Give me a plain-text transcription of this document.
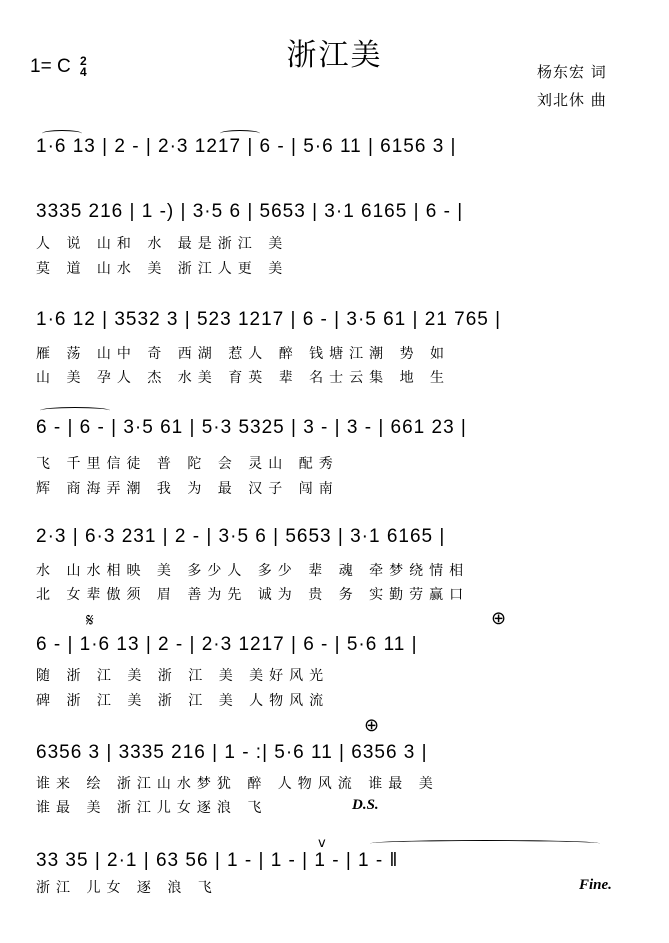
浙江美
1= C 2
4	杨东宏 词
刘北休 曲
1·6 13 | 2 - | 2·3 1217 | 6 - | 5·6 11 | 6156 3 |
3335 216 | 1 -) | 3·5 6 | 5653 | 3·1 6165 | 6 - |
人 说 山和 水 最是浙江 美
莫 道 山水 美 浙江人更 美
1·6 12 | 3532 3 | 523 1217 | 6 - | 3·5 61 | 21 765 |
雁 荡 山中 奇 西湖 惹人 醉 钱塘江潮 势 如
山 美 孕人 杰 水美 育英 辈 名士云集 地 生
6 - | 6 - | 3·5 61 | 5·3 5325 | 3 - | 3 - | 661 23 |
飞 千里信徒 普 陀 会 灵山 配秀
辉 商海弄潮 我 为 最 汉子 闯南
2·3 | 6·3 231 | 2 - | 3·5 6 | 5653 | 3·1 6165 |
水 山水相映 美 多少人 多少 辈 魂 牵梦绕情相
北 女辈傲须 眉 善为先 诚为 贵 务 实勤劳赢口
𝄋	⊕
6 - | 1·6 13 | 2 - | 2·3 1217 | 6 - | 5·6 11 |
随 浙 江 美 浙 江 美 美好风光
碑 浙 江 美 浙 江 美 人物风流
⊕
6356 3 | 3335 216 | 1 - :| 5·6 11 | 6356 3 |
谁来 绘 浙江山水梦犹 醉 人物风流 谁最 美
谁最 美 浙江儿女逐浪 飞	D.S.
v
33 35 | 2·1 | 63 56 | 1 - | 1 - | 1 - | 1 - ‖
浙江 儿女 逐 浪 飞	Fine.
